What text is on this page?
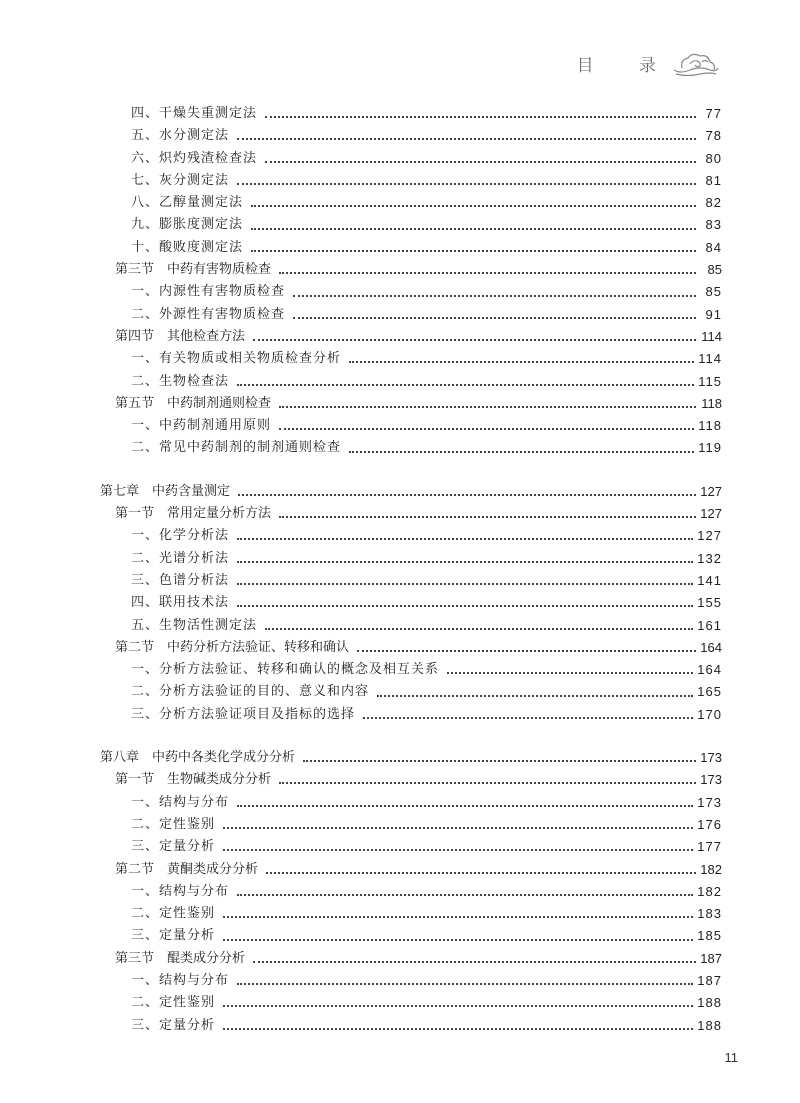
目 录
四、干燥失重测定法	77
五、水分测定法	78
六、炽灼残渣检查法	80
七、灰分测定法	81
八、乙醇量测定法	82
九、膨胀度测定法	83
十、酸败度测定法	84
第三节　中药有害物质检查	85
一、内源性有害物质检查	85
二、外源性有害物质检查	91
第四节　其他检查方法	114
一、有关物质或相关物质检查分析	114
二、生物检查法	115
第五节　中药制剂通则检查	118
一、中药制剂通用原则	118
二、常见中药制剂的制剂通则检查	119
第七章　中药含量测定	127
第一节　常用定量分析方法	127
一、化学分析法	127
二、光谱分析法	132
三、色谱分析法	141
四、联用技术法	155
五、生物活性测定法	161
第二节　中药分析方法验证、转移和确认	164
一、分析方法验证、转移和确认的概念及相互关系	164
二、分析方法验证的目的、意义和内容	165
三、分析方法验证项目及指标的选择	170
第八章　中药中各类化学成分分析	173
第一节　生物碱类成分分析	173
一、结构与分布	173
二、定性鉴别	176
三、定量分析	177
第二节　黄酮类成分分析	182
一、结构与分布	182
二、定性鉴别	183
三、定量分析	185
第三节　醌类成分分析	187
一、结构与分布	187
二、定性鉴别	188
三、定量分析	188
11
